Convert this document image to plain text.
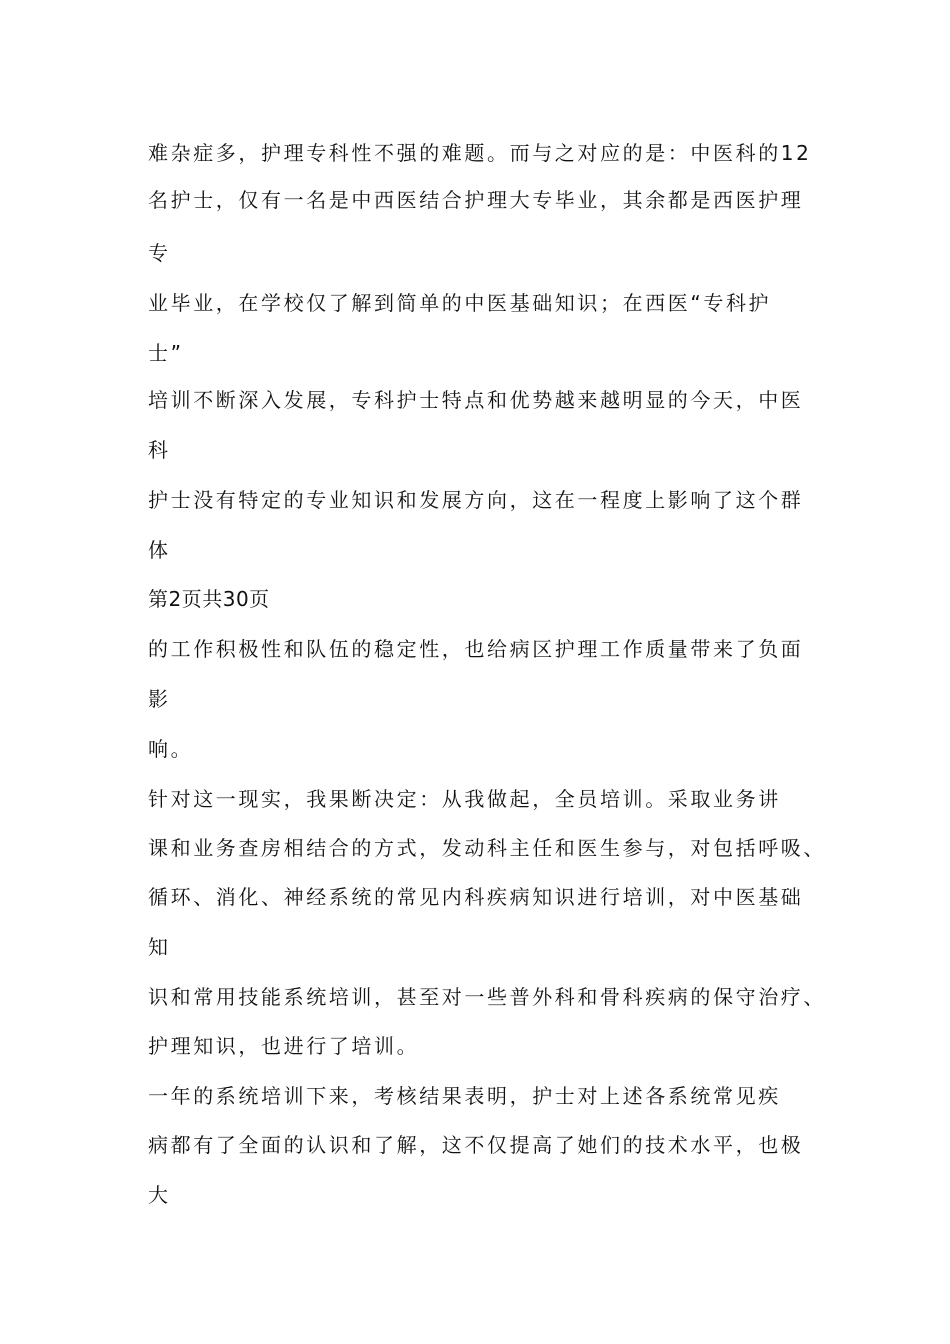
难杂症多，护理专科性不强的难题。而与之对应的是：中医科的12

名护士，仅有一名是中西医结合护理大专毕业，其余都是西医护理

专

业毕业，在学校仅了解到简单的中医基础知识；在西医“专科护

士”

培训不断深入发展，专科护士特点和优势越来越明显的今天，中医

科

护士没有特定的专业知识和发展方向，这在一程度上影响了这个群

体

第2页共30页

的工作积极性和队伍的稳定性，也给病区护理工作质量带来了负面

影

响。

针对这一现实，我果断决定：从我做起，全员培训。采取业务讲

课和业务查房相结合的方式，发动科主任和医生参与，对包括呼吸、

循环、消化、神经系统的常见内科疾病知识进行培训，对中医基础

知

识和常用技能系统培训，甚至对一些普外科和骨科疾病的保守治疗、

护理知识，也进行了培训。

一年的系统培训下来，考核结果表明，护士对上述各系统常见疾

病都有了全面的认识和了解，这不仅提高了她们的技术水平，也极

大
